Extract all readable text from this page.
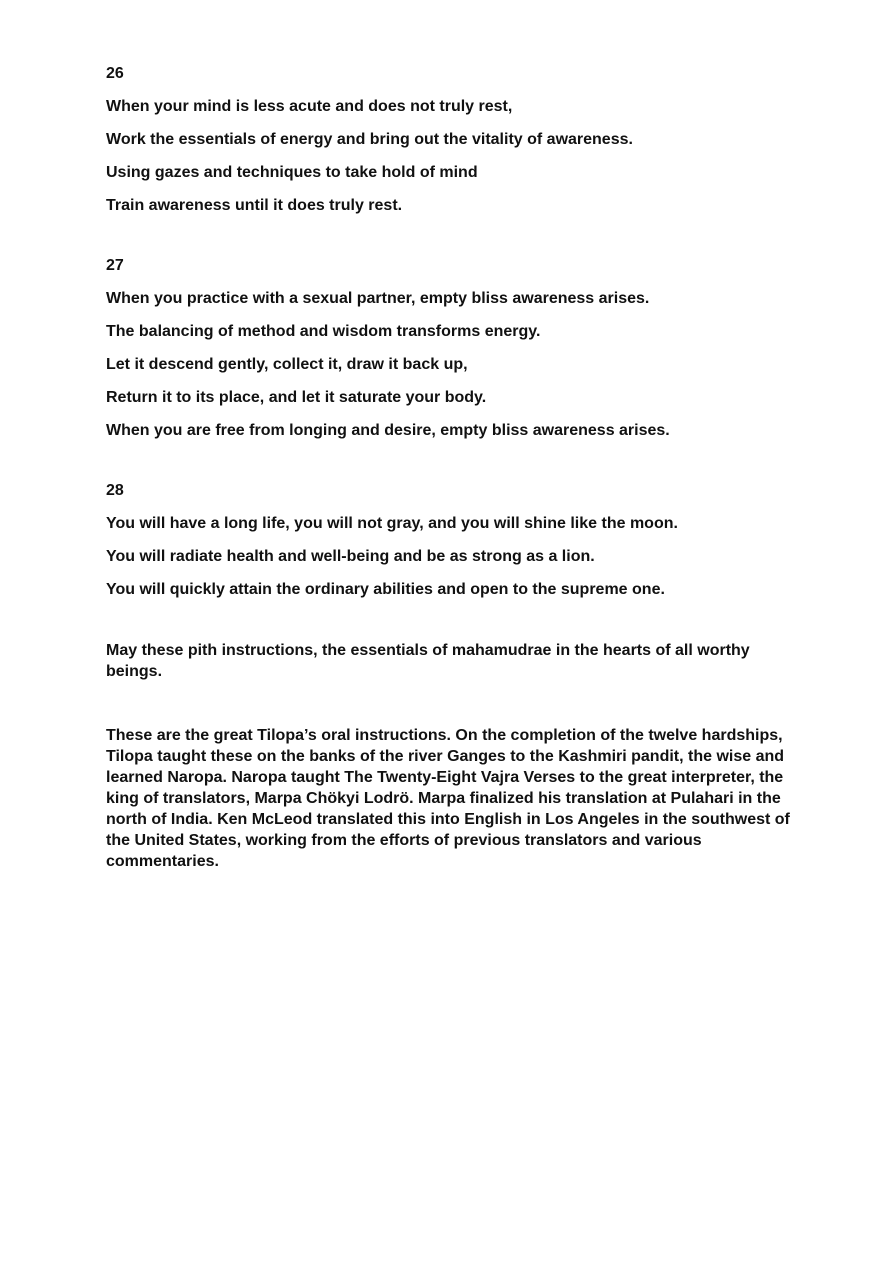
26
When your mind is less acute and does not truly rest,
Work the essentials of energy and bring out the vitality of awareness.
Using gazes and techniques to take hold of mind
Train awareness until it does truly rest.
27
When you practice with a sexual partner, empty bliss awareness arises.
The balancing of method and wisdom transforms energy.
Let it descend gently, collect it, draw it back up,
Return it to its place, and let it saturate your body.
When you are free from longing and desire, empty bliss awareness arises.
28
You will have a long life, you will not gray, and you will shine like the moon.
You will radiate health and well-being and be as strong as a lion.
You will quickly attain the ordinary abilities and open to the supreme one.

May these pith instructions, the essentials of mahamudrae in the hearts of all worthy beings.

These are the great Tilopa’s oral instructions. On the completion of the twelve hardships, Tilopa taught these on the banks of the river Ganges to the Kashmiri pandit, the wise and learned Naropa. Naropa taught The Twenty-Eight Vajra Verses to the great interpreter, the king of translators, Marpa Chökyi Lodrö. Marpa finalized his translation at Pulahari in the north of India. Ken McLeod translated this into English in Los Angeles in the southwest of the United States, working from the efforts of previous translators and various commentaries.
